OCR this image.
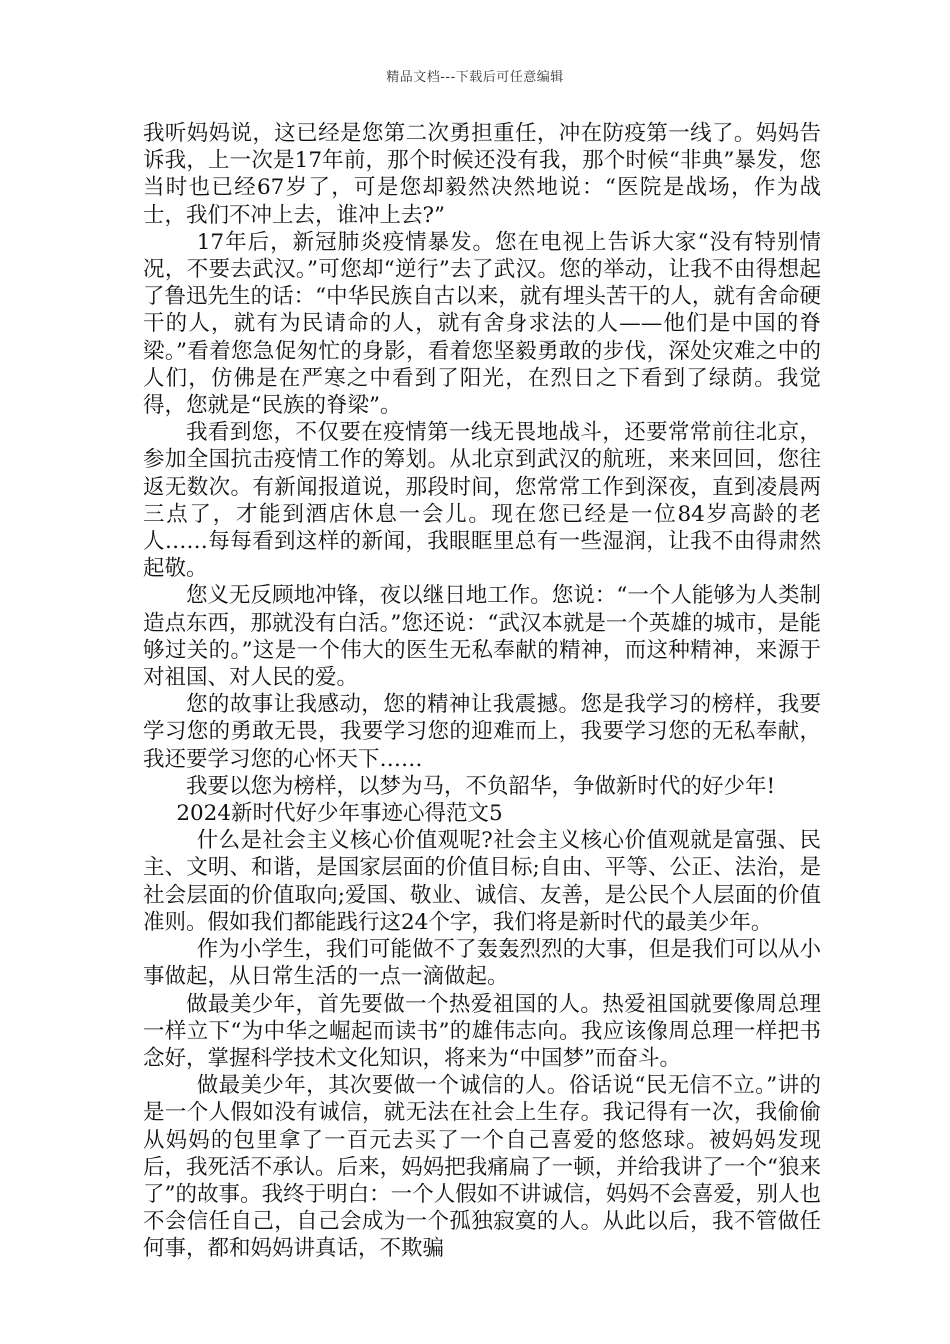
精品文档---下载后可任意编辑

我听妈妈说，这已经是您第二次勇担重任，冲在防疫第一线了。妈妈告诉我，上一次是17年前，那个时候还没有我，那个时候“非典”暴发，您当时也已经67岁了，可是您却毅然决然地说：“医院是战场，作为战士，我们不冲上去，谁冲上去?”

17年后，新冠肺炎疫情暴发。您在电视上告诉大家“没有特别情况，不要去武汉。”可您却“逆行”去了武汉。您的举动，让我不由得想起了鲁迅先生的话：“中华民族自古以来，就有埋头苦干的人，就有舍命硬干的人，就有为民请命的人，就有舍身求法的人——他们是中国的脊梁。”看着您急促匆忙的身影，看着您坚毅勇敢的步伐，深处灾难之中的人们，仿佛是在严寒之中看到了阳光，在烈日之下看到了绿荫。我觉得，您就是“民族的脊梁”。

我看到您，不仅要在疫情第一线无畏地战斗，还要常常前往北京，参加全国抗击疫情工作的筹划。从北京到武汉的航班，来来回回，您往返无数次。有新闻报道说，那段时间，您常常工作到深夜，直到凌晨两三点了，才能到酒店休息一会儿。现在您已经是一位84岁高龄的老人……每每看到这样的新闻，我眼眶里总有一些湿润，让我不由得肃然起敬。

您义无反顾地冲锋，夜以继日地工作。您说：“一个人能够为人类制造点东西，那就没有白活。”您还说：“武汉本就是一个英雄的城市，是能够过关的。”这是一个伟大的医生无私奉献的精神，而这种精神，来源于对祖国、对人民的爱。

您的故事让我感动，您的精神让我震撼。您是我学习的榜样，我要学习您的勇敢无畏，我要学习您的迎难而上，我要学习您的无私奉献，我还要学习您的心怀天下……

我要以您为榜样，以梦为马，不负韶华，争做新时代的好少年!

2024新时代好少年事迹心得范文5

什么是社会主义核心价值观呢?社会主义核心价值观就是富强、民主、文明、和谐，是国家层面的价值目标;自由、平等、公正、法治，是社会层面的价值取向;爱国、敬业、诚信、友善，是公民个人层面的价值准则。假如我们都能践行这24个字，我们将是新时代的最美少年。

作为小学生，我们可能做不了轰轰烈烈的大事，但是我们可以从小事做起，从日常生活的一点一滴做起。

做最美少年，首先要做一个热爱祖国的人。热爱祖国就要像周总理一样立下“为中华之崛起而读书”的雄伟志向。我应该像周总理一样把书念好，掌握科学技术文化知识，将来为“中国梦”而奋斗。

做最美少年，其次要做一个诚信的人。俗话说“民无信不立。”讲的是一个人假如没有诚信，就无法在社会上生存。我记得有一次，我偷偷从妈妈的包里拿了一百元去买了一个自己喜爱的悠悠球。被妈妈发现后，我死活不承认。后来，妈妈把我痛扁了一顿，并给我讲了一个“狼来了”的故事。我终于明白：一个人假如不讲诚信，妈妈不会喜爱，别人也不会信任自己，自己会成为一个孤独寂寞的人。从此以后，我不管做任何事，都和妈妈讲真话，不欺骗
